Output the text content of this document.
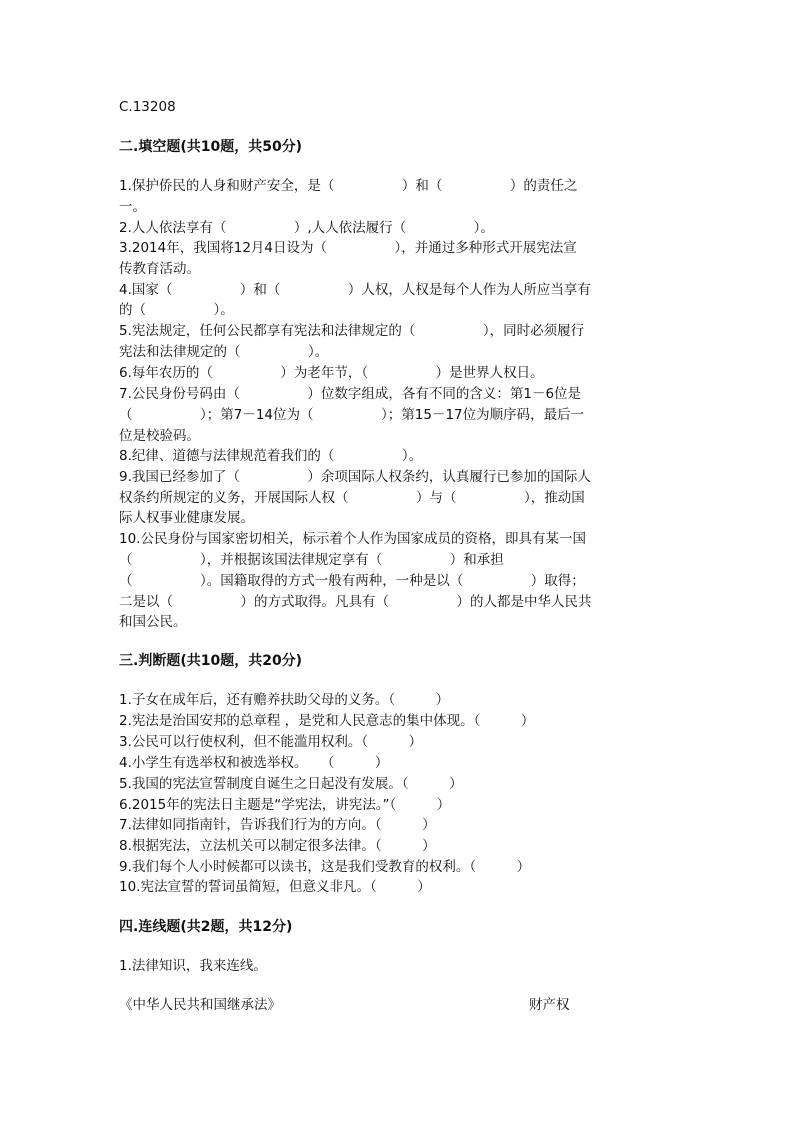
C.13208
二.填空题(共10题，共50分)
1.保护侨民的人身和财产安全，是（　　　　　）和（　　　　　）的责任之
一。
2.人人依法享有（　　　　　）,人人依法履行（　　　　　）。
3.2014年，我国将12月4日设为（　　　　　），并通过多种形式开展宪法宣
传教育活动。
4.国家（　　　　　）和（　　　　　）人权，人权是每个人作为人所应当享有
的（　　　　　）。
5.宪法规定，任何公民都享有宪法和法律规定的（　　　　　），同时必须履行
宪法和法律规定的（　　　　　）。
6.每年农历的（　　　　　）为老年节，（　　　　　）是世界人权日。
7.公民身份号码由（　　　　　）位数字组成，各有不同的含义：第1－6位是
（　　　　　）；第7－14位为（　　　　　）；第15－17位为顺序码，最后一
位是校验码。
8.纪律、道德与法律规范着我们的（　　　　　）。
9.我国已经参加了（　　　　　）余项国际人权条约，认真履行已参加的国际人
权条约所规定的义务，开展国际人权（　　　　　）与（　　　　　），推动国
际人权事业健康发展。
10.公民身份与国家密切相关，标示着个人作为国家成员的资格，即具有某一国
（　　　　　），并根据该国法律规定享有（　　　　　）和承担
（　　　　　）。国籍取得的方式一般有两种，一种是以（　　　　　）取得；
二是以（　　　　　）的方式取得。凡具有（　　　　　）的人都是中华人民共
和国公民。
三.判断题(共10题，共20分)
1.子女在成年后，还有赡养扶助父母的义务。（　　　）
2.宪法是治国安邦的总章程 ，是党和人民意志的集中体现。（　　　）
3.公民可以行使权利，但不能滥用权利。（　　　）
4.小学生有选举权和被选举权。　　（　　　）
5.我国的宪法宣誓制度自诞生之日起没有发展。（　　　）
6.2015年的宪法日主题是“学宪法，讲宪法。”（　　　）
7.法律如同指南针，告诉我们行为的方向。（　　　）
8.根据宪法，立法机关可以制定很多法律。（　　　）
9.我们每个人小时候都可以读书，这是我们受教育的权利。（　　　）
10.宪法宣誓的誓词虽简短，但意义非凡。（　　　）
四.连线题(共2题，共12分)
1.法律知识，我来连线。
《中华人民共和国继承法》	财产权
